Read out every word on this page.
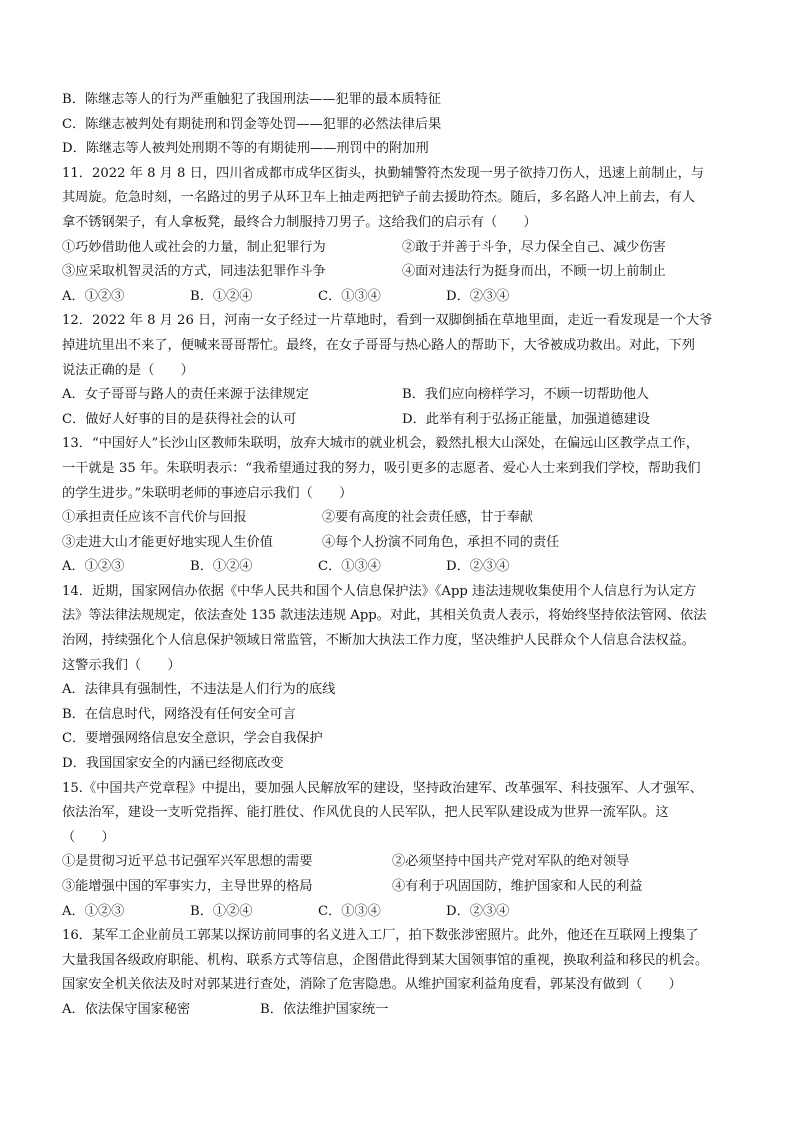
B．陈继志等人的行为严重触犯了我国刑法——犯罪的最本质特征
C．陈继志被判处有期徒刑和罚金等处罚——犯罪的必然法律后果
D．陈继志等人被判处刑期不等的有期徒刑——刑罚中的附加刑
11．2022 年 8 月 8 日，四川省成都市成华区街头，执勤辅警符杰发现一男子欲持刀伤人，迅速上前制止，与
其周旋。危急时刻，一名路过的男子从环卫车上抽走两把铲子前去援助符杰。随后，多名路人冲上前去，有人
拿不锈钢架子，有人拿板凳，最终合力制服持刀男子。这给我们的启示有（　　）
①巧妙借助他人或社会的力量，制止犯罪行为	②敢于并善于斗争，尽力保全自己、减少伤害
③应采取机智灵活的方式，同违法犯罪作斗争	④面对违法行为挺身而出，不顾一切上前制止
A．①②③	B．①②④	C．①③④	D．②③④
12．2022 年 8 月 26 日，河南一女子经过一片草地时，看到一双脚倒插在草地里面，走近一看发现是一个大爷
掉进坑里出不来了，便喊来哥哥帮忙。最终，在女子哥哥与热心路人的帮助下，大爷被成功救出。对此，下列
说法正确的是（　　）
A．女子哥哥与路人的责任来源于法律规定	B．我们应向榜样学习，不顾一切帮助他人
C．做好人好事的目的是获得社会的认可	D．此举有利于弘扬正能量，加强道德建设
13．“中国好人”长沙山区教师朱联明，放弃大城市的就业机会，毅然扎根大山深处，在偏远山区教学点工作，
一干就是 35 年。朱联明表示：“我希望通过我的努力，吸引更多的志愿者、爱心人士来到我们学校，帮助我们
的学生进步。”朱联明老师的事迹启示我们（　　）
①承担责任应该不言代价与回报	②要有高度的社会责任感，甘于奉献
③走进大山才能更好地实现人生价值	④每个人扮演不同角色，承担不同的责任
A．①②③	B．①②④	C．①③④	D．②③④
14．近期，国家网信办依据《中华人民共和国个人信息保护法》《App 违法违规收集使用个人信息行为认定方
法》等法律法规规定，依法查处 135 款违法违规 App。对此，其相关负责人表示，将始终坚持依法管网、依法
治网，持续强化个人信息保护领域日常监管，不断加大执法工作力度，坚决维护人民群众个人信息合法权益。
这警示我们（　　）
A．法律具有强制性，不违法是人们行为的底线
B．在信息时代，网络没有任何安全可言
C．要增强网络信息安全意识，学会自我保护
D．我国国家安全的内涵已经彻底改变
15.《中国共产党章程》中提出，要加强人民解放军的建设，坚持政治建军、改革强军、科技强军、人才强军、
依法治军，建设一支听党指挥、能打胜仗、作风优良的人民军队，把人民军队建设成为世界一流军队。这
（　　）
①是贯彻习近平总书记强军兴军思想的需要	②必须坚持中国共产党对军队的绝对领导
③能增强中国的军事实力，主导世界的格局	④有利于巩固国防，维护国家和人民的利益
A．①②③	B．①②④	C．①③④	D．②③④
16．某军工企业前员工郭某以探访前同事的名义进入工厂，拍下数张涉密照片。此外，他还在互联网上搜集了
大量我国各级政府职能、机构、联系方式等信息，企图借此得到某大国领事馆的重视，换取利益和移民的机会。
国家安全机关依法及时对郭某进行查处，消除了危害隐患。从维护国家利益角度看，郭某没有做到（　　）
A．依法保守国家秘密	B．依法维护国家统一
